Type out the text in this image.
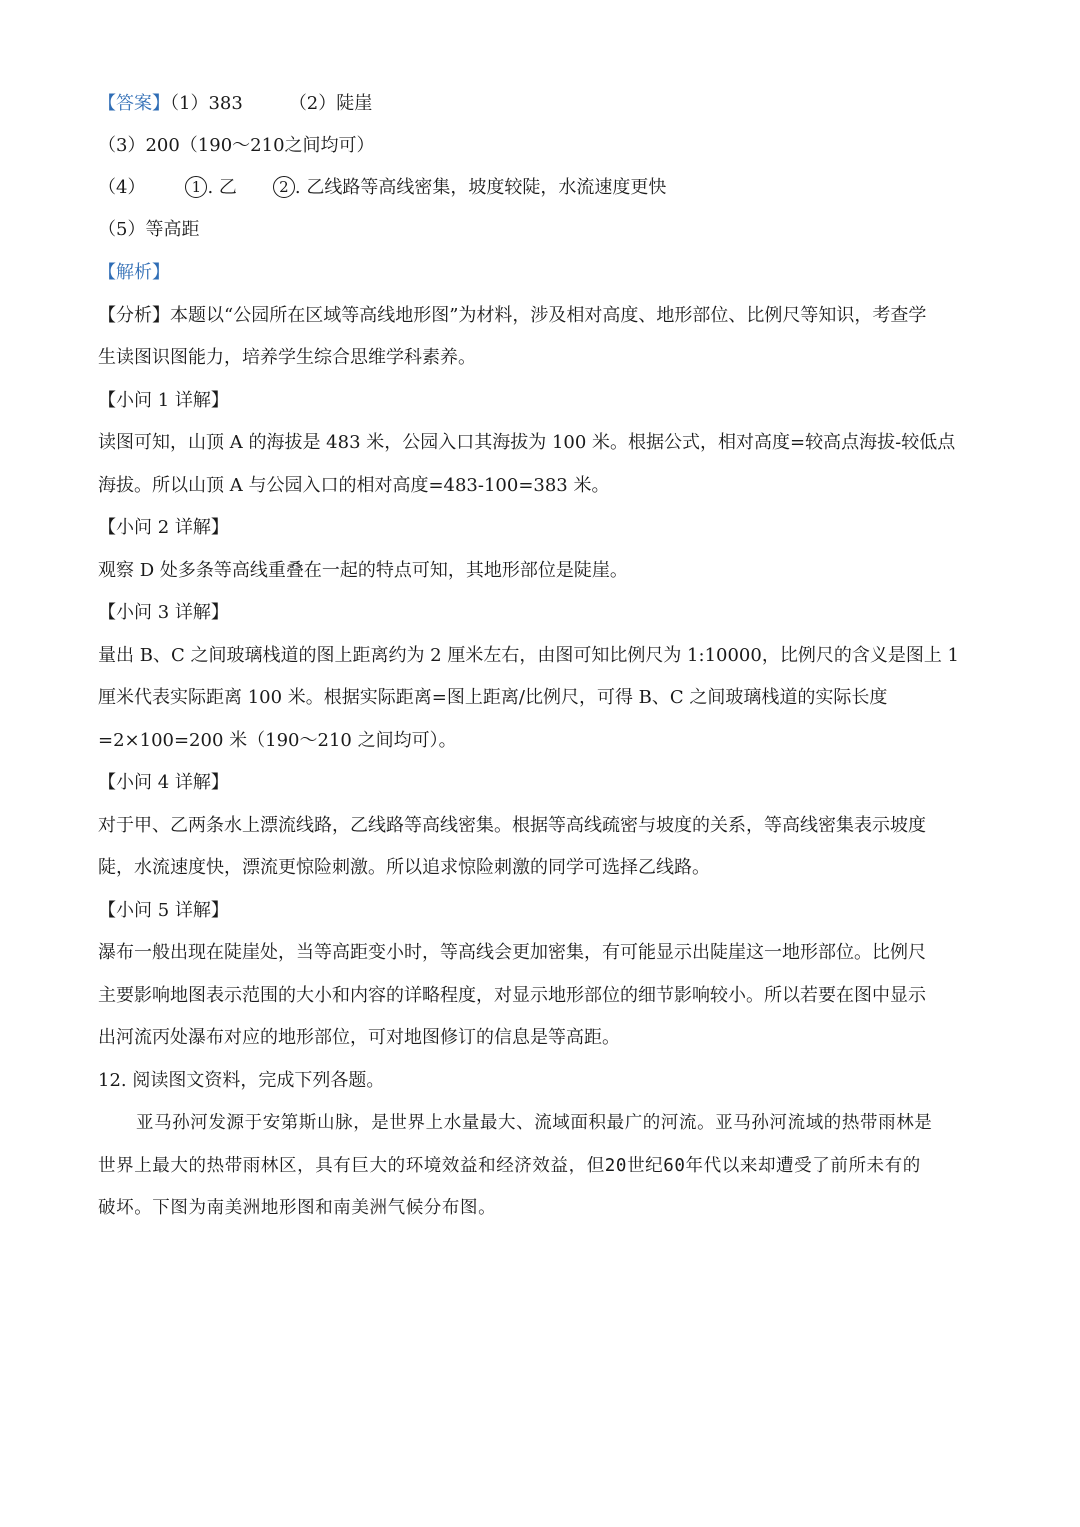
【答案】（1）383	（2）陡崖
（3）200（190～210之间均可）
（4）	1 . 乙	2 . 乙线路等高线密集，坡度较陡，水流速度更快
（5）等高距
【解析】
【分析】本题以“公园所在区域等高线地形图”为材料，涉及相对高度、地形部位、比例尺等知识，考查学
生读图识图能力，培养学生综合思维学科素养。
【小问 1 详解】
读图可知，山顶 A 的海拔是 483 米，公园入口其海拔为 100 米。根据公式，相对高度=较高点海拔-较低点
海拔。所以山顶 A 与公园入口的相对高度=483-100=383 米。
【小问 2 详解】
观察 D 处多条等高线重叠在一起的特点可知，其地形部位是陡崖。
【小问 3 详解】
量出 B、C 之间玻璃栈道的图上距离约为 2 厘米左右，由图可知比例尺为 1:10000，比例尺的含义是图上 1
厘米代表实际距离 100 米。根据实际距离=图上距离/比例尺，可得 B、C 之间玻璃栈道的实际长度
=2×100=200 米（190～210 之间均可）。
【小问 4 详解】
对于甲、乙两条水上漂流线路，乙线路等高线密集。根据等高线疏密与坡度的关系，等高线密集表示坡度
陡，水流速度快，漂流更惊险刺激。所以追求惊险刺激的同学可选择乙线路。
【小问 5 详解】
瀑布一般出现在陡崖处，当等高距变小时，等高线会更加密集，有可能显示出陡崖这一地形部位。比例尺
主要影响地图表示范围的大小和内容的详略程度，对显示地形部位的细节影响较小。所以若要在图中显示
出河流丙处瀑布对应的地形部位，可对地图修订的信息是等高距。
12. 阅读图文资料，完成下列各题。
亚马孙河发源于安第斯山脉，是世界上水量最大、流域面积最广的河流。亚马孙河流域的热带雨林是
世界上最大的热带雨林区，具有巨大的环境效益和经济效益，但20世纪60年代以来却遭受了前所未有的
破坏。下图为南美洲地形图和南美洲气候分布图。
